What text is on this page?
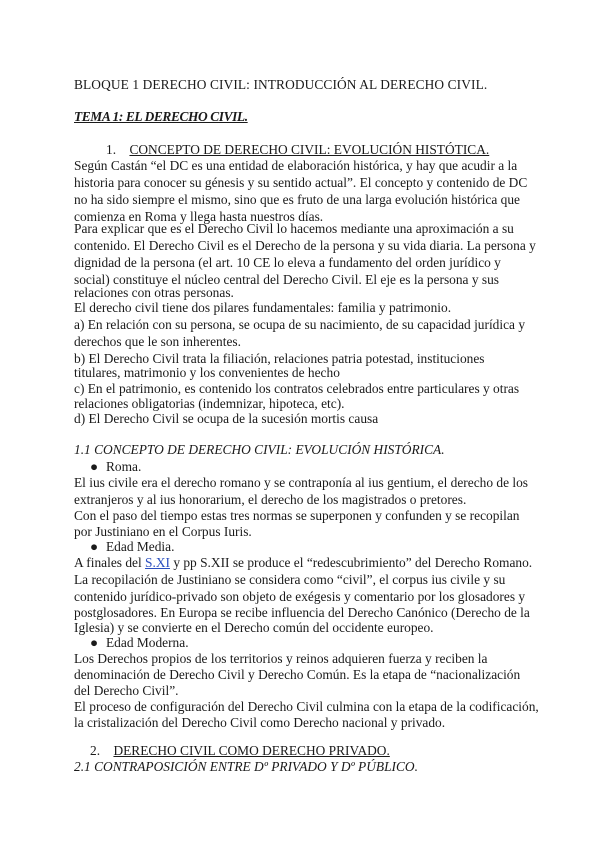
BLOQUE 1 DERECHO CIVIL: INTRODUCCIÓN AL DERECHO CIVIL.
TEMA 1: EL DERECHO CIVIL.
1. CONCEPTO DE DERECHO CIVIL: EVOLUCIÓN HISTÓTICA.
Según Castán “el DC es una entidad de elaboración histórica, y hay que acudir a la
historia para conocer su génesis y su sentido actual”. El concepto y contenido de DC
no ha sido siempre el mismo, sino que es fruto de una larga evolución histórica que
comienza en Roma y llega hasta nuestros días.
Para explicar que es el Derecho Civil lo hacemos mediante una aproximación a su
contenido. El Derecho Civil es el Derecho de la persona y su vida diaria. La persona y
dignidad de la persona (el art. 10 CE lo eleva a fundamento del orden jurídico y
social) constituye el núcleo central del Derecho Civil. El eje es la persona y sus
relaciones con otras personas.
El derecho civil tiene dos pilares fundamentales: familia y patrimonio.
a) En relación con su persona, se ocupa de su nacimiento, de su capacidad jurídica y
derechos que le son inherentes.
b) El Derecho Civil trata la filiación, relaciones patria potestad, instituciones
titulares, matrimonio y los convenientes de hecho
c) En el patrimonio, es contenido los contratos celebrados entre particulares y otras
relaciones obligatorias (indemnizar, hipoteca, etc).
d) El Derecho Civil se ocupa de la sucesión mortis causa
1.1 CONCEPTO DE DERECHO CIVIL: EVOLUCIÓN HISTÓRICA.
● Roma.
El ius civile era el derecho romano y se contraponía al ius gentium, el derecho de los
extranjeros y al ius honorarium, el derecho de los magistrados o pretores.
Con el paso del tiempo estas tres normas se superponen y confunden y se recopilan
por Justiniano en el Corpus Iuris.
● Edad Media.
A finales del S.XI y pp S.XII se produce el “redescubrimiento” del Derecho Romano.
La recopilación de Justiniano se considera como “civil”, el corpus ius civile y su
contenido jurídico-privado son objeto de exégesis y comentario por los glosadores y
postglosadores. En Europa se recibe influencia del Derecho Canónico (Derecho de la
Iglesia) y se convierte en el Derecho común del occidente europeo.
● Edad Moderna.
Los Derechos propios de los territorios y reinos adquieren fuerza y reciben la
denominación de Derecho Civil y Derecho Común. Es la etapa de “nacionalización
del Derecho Civil”.
El proceso de configuración del Derecho Civil culmina con la etapa de la codificación,
la cristalización del Derecho Civil como Derecho nacional y privado.
2. DERECHO CIVIL COMO DERECHO PRIVADO.
2.1 CONTRAPOSICIÓN ENTRE Dº PRIVADO Y Dº PÚBLICO.
